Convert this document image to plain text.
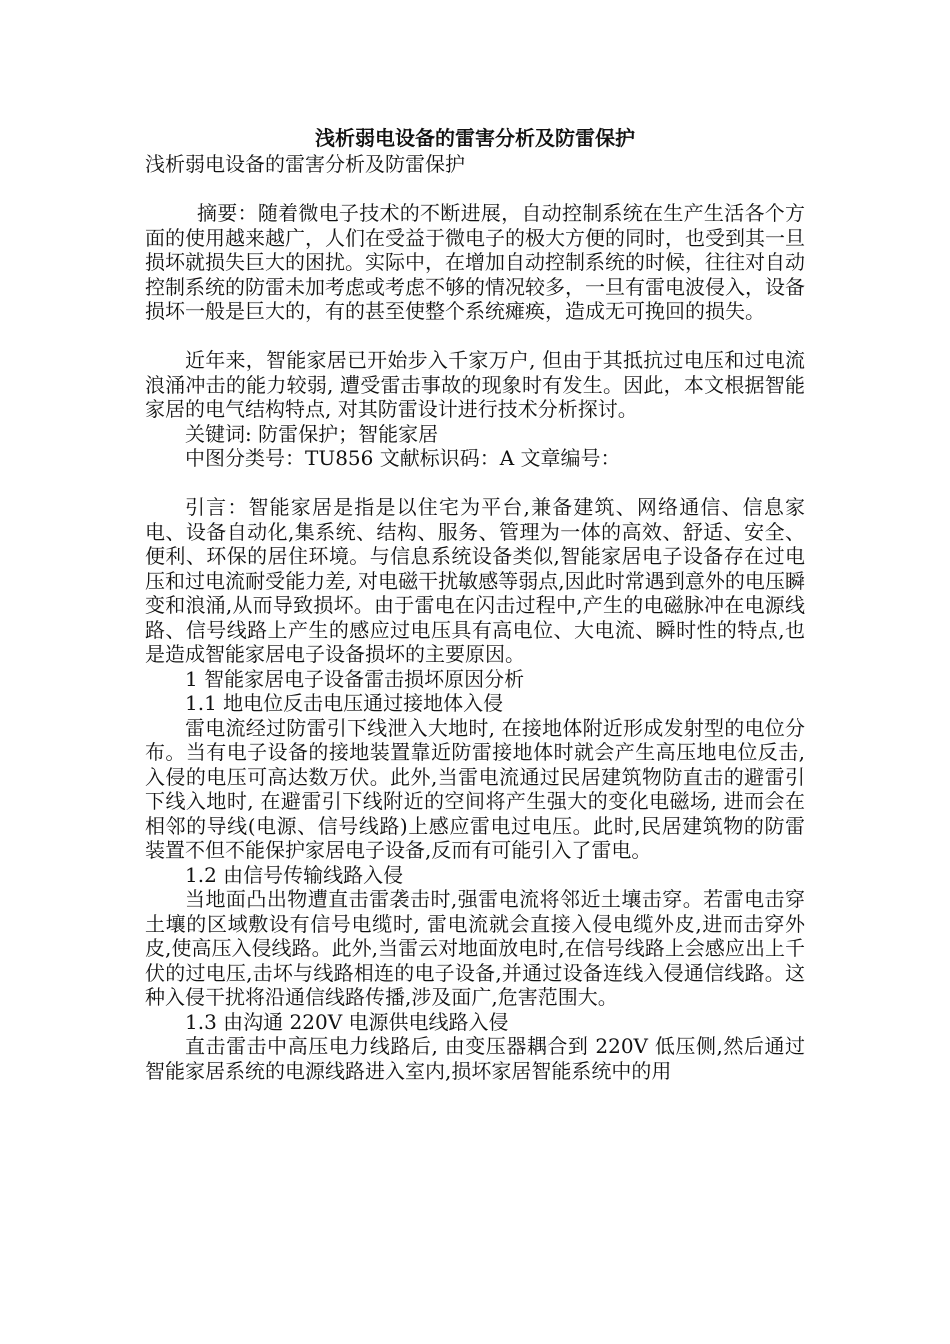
浅析弱电设备的雷害分析及防雷保护

浅析弱电设备的雷害分析及防雷保护

摘要：随着微电子技术的不断进展，自动控制系统在生产生活各个方面的使用越来越广，人们在受益于微电子的极大方便的同时，也受到其一旦损坏就损失巨大的困扰。实际中，在增加自动控制系统的时候，往往对自动控制系统的防雷未加考虑或考虑不够的情况较多，一旦有雷电波侵入，设备损坏一般是巨大的，有的甚至使整个系统瘫痪，造成无可挽回的损失。

近年来，智能家居已开始步入千家万户, 但由于其抵抗过电压和过电流浪涌冲击的能力较弱, 遭受雷击事故的现象时有发生。因此，本文根据智能家居的电气结构特点, 对其防雷设计进行技术分析探讨。

关键词: 防雷保护；智能家居

中图分类号：TU856 文献标识码：A 文章编号：

引言：智能家居是指是以住宅为平台,兼备建筑、网络通信、信息家电、设备自动化,集系统、结构、服务、管理为一体的高效、舒适、安全、便利、环保的居住环境。与信息系统设备类似,智能家居电子设备存在过电压和过电流耐受能力差, 对电磁干扰敏感等弱点,因此时常遇到意外的电压瞬变和浪涌,从而导致损坏。由于雷电在闪击过程中,产生的电磁脉冲在电源线路、信号线路上产生的感应过电压具有高电位、大电流、瞬时性的特点,也是造成智能家居电子设备损坏的主要原因。

1 智能家居电子设备雷击损坏原因分析

1.1 地电位反击电压通过接地体入侵

雷电流经过防雷引下线泄入大地时, 在接地体附近形成发射型的电位分布。当有电子设备的接地装置靠近防雷接地体时就会产生高压地电位反击,入侵的电压可高达数万伏。此外,当雷电流通过民居建筑物防直击的避雷引下线入地时, 在避雷引下线附近的空间将产生强大的变化电磁场, 进而会在相邻的导线(电源、信号线路)上感应雷电过电压。此时,民居建筑物的防雷装置不但不能保护家居电子设备,反而有可能引入了雷电。

1.2 由信号传输线路入侵

当地面凸出物遭直击雷袭击时,强雷电流将邻近土壤击穿。若雷电击穿土壤的区域敷设有信号电缆时, 雷电流就会直接入侵电缆外皮,进而击穿外皮,使高压入侵线路。此外,当雷云对地面放电时,在信号线路上会感应出上千伏的过电压,击坏与线路相连的电子设备,并通过设备连线入侵通信线路。这种入侵干扰将沿通信线路传播,涉及面广,危害范围大。

1.3 由沟通 220V 电源供电线路入侵

直击雷击中高压电力线路后, 由变压器耦合到 220V 低压侧,然后通过智能家居系统的电源线路进入室内,损坏家居智能系统中的用
